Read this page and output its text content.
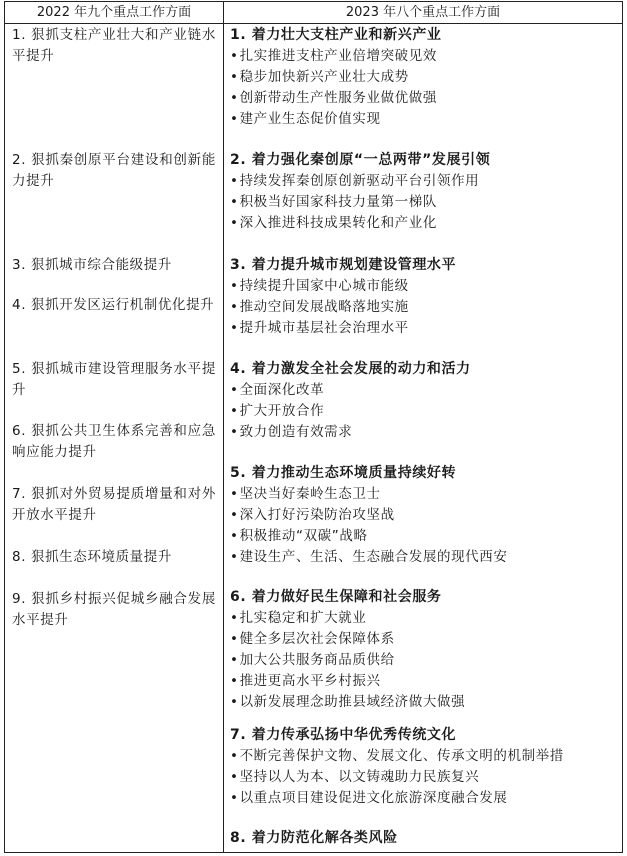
2022 年九个重点工作方面	2023 年八个重点工作方面
1. 狠抓支柱产业壮大和产业链水平提升
2. 狠抓秦创原平台建设和创新能力提升
3. 狠抓城市综合能级提升
4. 狠抓开发区运行机制优化提升
5. 狠抓城市建设管理服务水平提升
6. 狠抓公共卫生体系完善和应急响应能力提升
7. 狠抓对外贸易提质增量和对外开放水平提升
8. 狠抓生态环境质量提升
9. 狠抓乡村振兴促城乡融合发展水平提升
1. 着力壮大支柱产业和新兴产业
•扎实推进支柱产业倍增突破见效
•稳步加快新兴产业壮大成势
•创新带动生产性服务业做优做强
•建产业生态促价值实现
2. 着力强化秦创原“一总两带”发展引领
•持续发挥秦创原创新驱动平台引领作用
•积极当好国家科技力量第一梯队
•深入推进科技成果转化和产业化
3. 着力提升城市规划建设管理水平
•持续提升国家中心城市能级
•推动空间发展战略落地实施
•提升城市基层社会治理水平
4. 着力激发全社会发展的动力和活力
•全面深化改革
•扩大开放合作
•致力创造有效需求
5. 着力推动生态环境质量持续好转
•坚决当好秦岭生态卫士
•深入打好污染防治攻坚战
•积极推动“双碳”战略
•建设生产、生活、生态融合发展的现代西安
6. 着力做好民生保障和社会服务
•扎实稳定和扩大就业
•健全多层次社会保障体系
•加大公共服务商品质供给
•推进更高水平乡村振兴
•以新发展理念助推县域经济做大做强
7. 着力传承弘扬中华优秀传统文化
•不断完善保护文物、发展文化、传承文明的机制举措
•坚持以人为本、以文铸魂助力民族复兴
•以重点项目建设促进文化旅游深度融合发展
8. 着力防范化解各类风险
